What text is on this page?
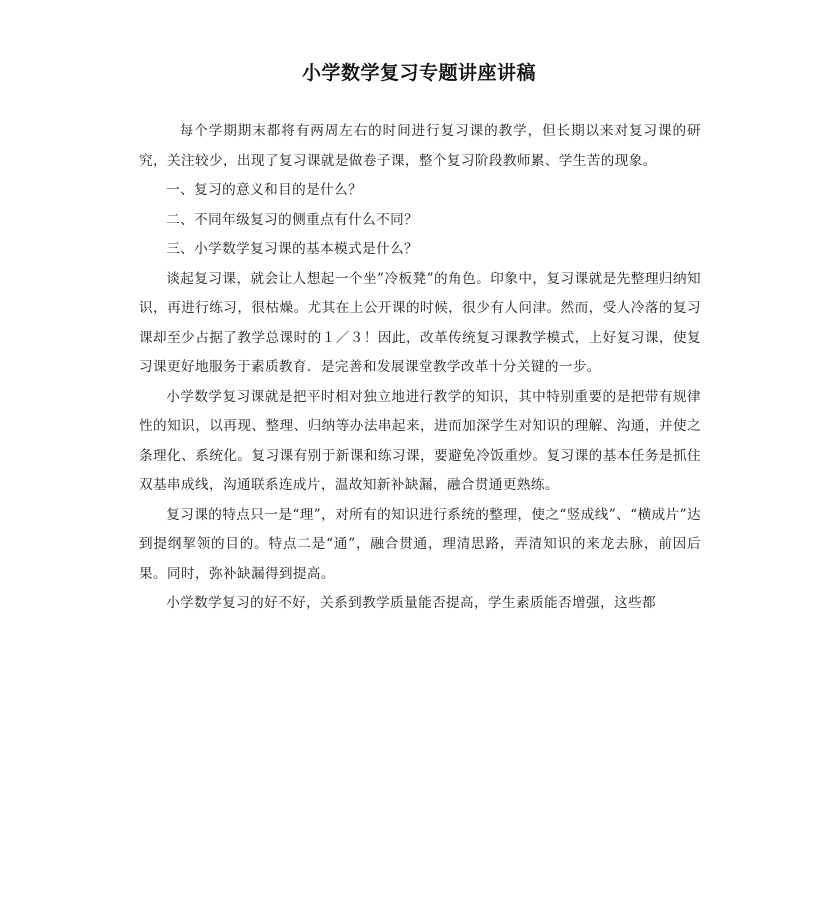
小学数学复习专题讲座讲稿

每个学期期末都将有两周左右的时间进行复习课的教学，但长期以来对复习课的研究，关注较少，出现了复习课就是做卷子课，整个复习阶段教师累、学生苦的现象。

一、复习的意义和目的是什么？

二、不同年级复习的侧重点有什么不同？

三、小学数学复习课的基本模式是什么？

谈起复习课，就会让人想起一个坐”冷板凳”的角色。印象中，复习课就是先整理归纳知识，再进行练习，很枯燥。尤其在上公开课的时候，很少有人问津。然而，受人冷落的复习课却至少占据了教学总课时的１／３！因此，改革传统复习课教学模式，上好复习课，使复习课更好地服务于素质教育．是完善和发展课堂教学改革十分关键的一步。

小学数学复习课就是把平时相对独立地进行教学的知识，其中特别重要的是把带有规律性的知识，以再现、整理、归纳等办法串起来，进而加深学生对知识的理解、沟通，并使之条理化、系统化。复习课有别于新课和练习课，要避免冷饭重炒。复习课的基本任务是抓住双基串成线，沟通联系连成片，温故知新补缺漏，融合贯通更熟练。

复习课的特点只一是“理”，对所有的知识进行系统的整理，使之“竖成线”、“横成片”达到提纲挈领的目的。特点二是“通”，融合贯通，理清思路，弄清知识的来龙去脉，前因后果。同时，弥补缺漏得到提高。

小学数学复习的好不好，关系到教学质量能否提高，学生素质能否增强，这些都
